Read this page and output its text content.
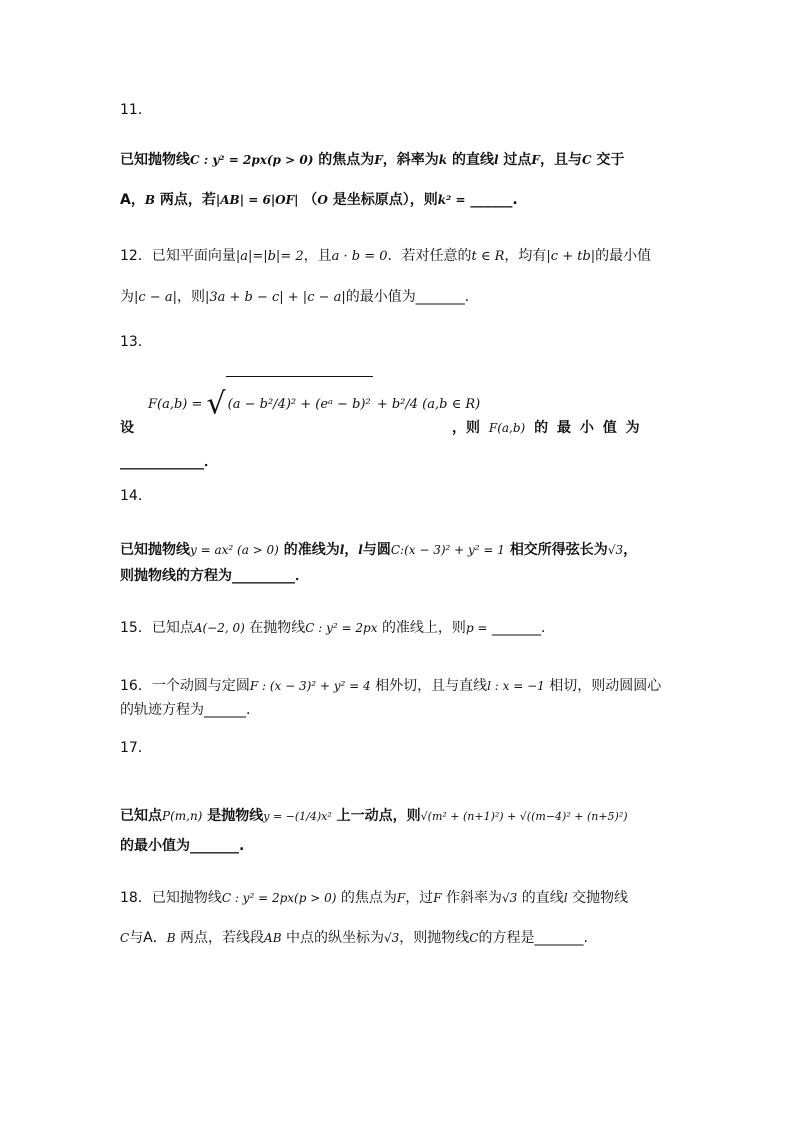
11．
已知抛物线C : y² = 2px(p > 0) 的焦点为F，斜率为k 的直线l 过点F，且与C 交于
A，B 两点，若|AB| = 6|OF| （O 是坐标原点），则k² = ______.
12．已知平面向量|a|=|b|= 2，且a · b = 0．若对任意的t ∈ R，均有|c + tb|的最小值
为|c − a|，则|3a + b − c| + |c − a|的最小值为_______.
13．
设
F(a,b) = √ (a − b²/4)² + (eᵃ − b)² + b²/4 (a,b ∈ R)
，则 F(a,b) 的 最 小 值 为
____________．
14．
已知抛物线y = ax² (a > 0) 的准线为l，l与圆C:(x − 3)² + y² = 1 相交所得弦长为√3，
则抛物线的方程为_________．
15．已知点A(−2, 0) 在抛物线C : y² = 2px 的准线上，则p = _______.
16．一个动圆与定圆F : (x − 3)² + y² = 4 相外切，且与直线l : x = −1 相切，则动圆圆心
的轨迹方程为______.
17．
已知点P(m,n) 是抛物线y = −(1/4)x² 上一动点，则√(m² + (n+1)²) + √((m−4)² + (n+5)²)
的最小值为_______.
18．已知抛物线C : y² = 2px(p > 0) 的焦点为F，过F 作斜率为√3 的直线l 交抛物线
C与A．B 两点，若线段AB 中点的纵坐标为√3，则抛物线C的方程是_______.
